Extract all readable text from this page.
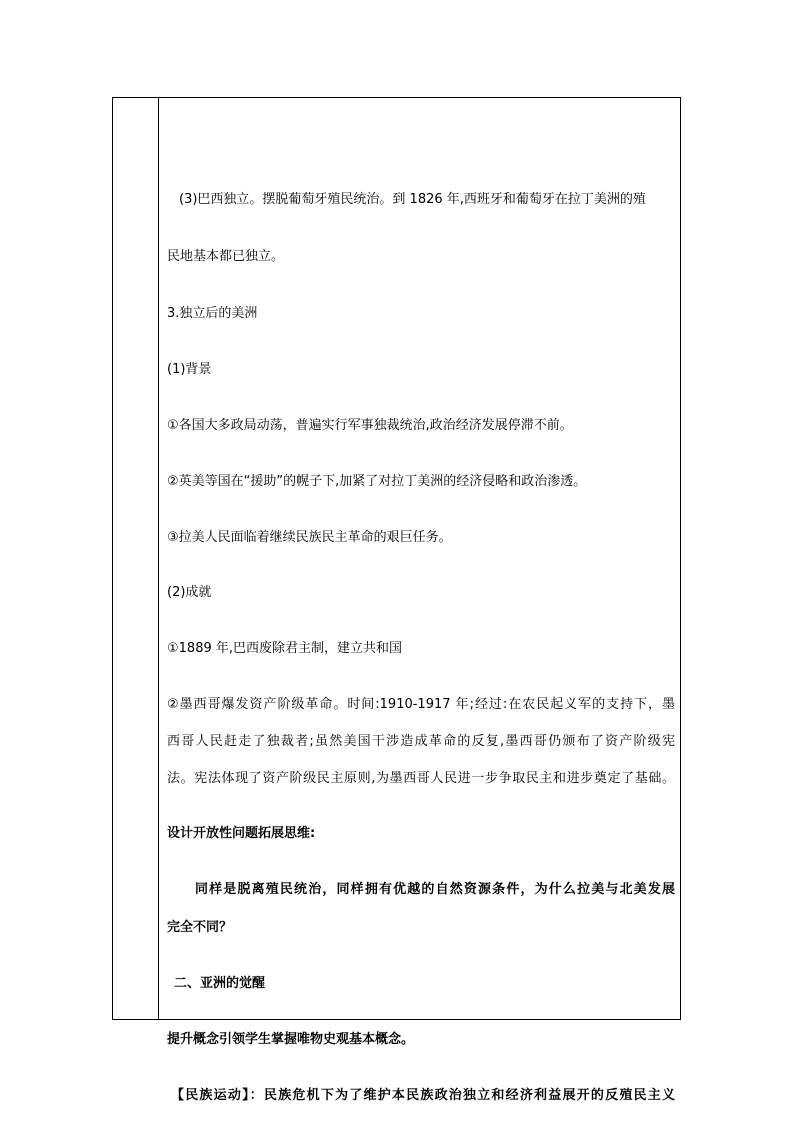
(3)巴西独立。摆脱葡萄牙殖民统治。到 1826 年,西班牙和葡萄牙在拉丁美洲的殖
民地基本都已独立。
3.独立后的美洲
(1)背景
①各国大多政局动荡，普遍实行军事独裁统治,政治经济发展停滞不前。
②英美等国在“援助”的幌子下,加紧了对拉丁美洲的经济侵略和政治渗透。
③拉美人民面临着继续民族民主革命的艰巨任务。
(2)成就
①1889 年,巴西废除君主制，建立共和国
②墨西哥爆发资产阶级革命。时间:1910-1917 年;经过:在农民起义军的支持下，墨
西哥人民赶走了独裁者;虽然美国干涉造成革命的反复,墨西哥仍颁布了资产阶级宪
法。宪法体现了资产阶级民主原则,为墨西哥人民进一步争取民主和进步奠定了基础。
设计开放性问题拓展思维:
同样是脱离殖民统治，同样拥有优越的自然资源条件，为什么拉美与北美发展
完全不同？
二、亚洲的觉醒
提升概念引领学生掌握唯物史观基本概念。
【民族运动】：民族危机下为了维护本民族政治独立和经济利益展开的反殖民主义
